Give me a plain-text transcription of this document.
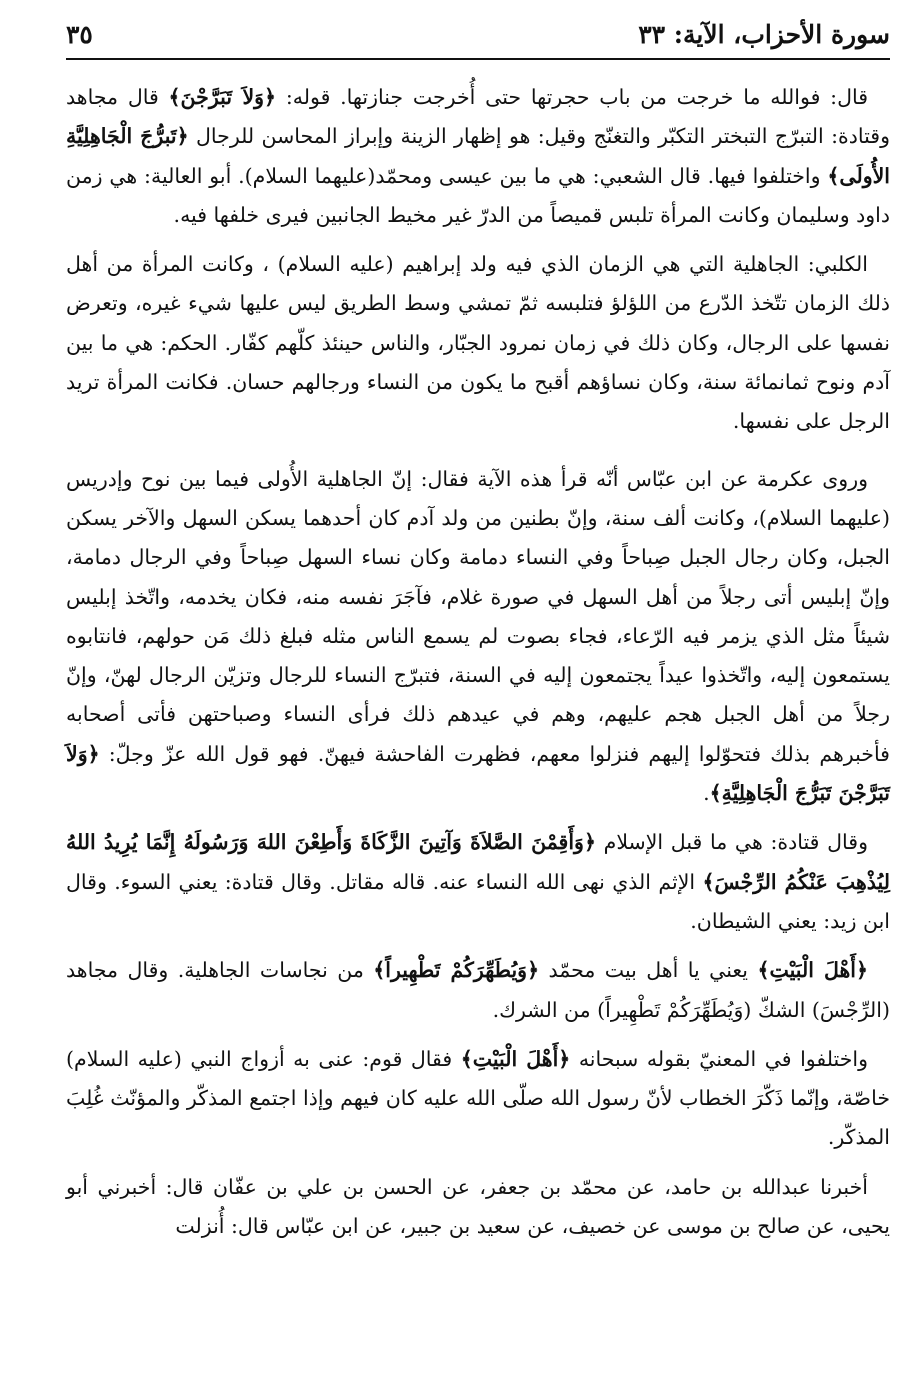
سورة الأحزاب، الآية: ٣٣
٣٥

قال: فوالله ما خرجت من باب حجرتها حتى أُخرجت جنازتها. قوله: ﴿وَلاَ تَبَرَّجْنَ﴾ قال مجاهد وقتادة: التبرّج التبختر التكبّر والتغنّج وقيل: هو إظهار الزينة وإبراز المحاسن للرجال ﴿تَبرُّجَ الْجَاهِلِيَّةِ الأُولَى﴾ واختلفوا فيها. قال الشعبي: هي ما بين عيسى ومحمّد(عليهما السلام). أبو العالية: هي زمن داود وسليمان وكانت المرأة تلبس قميصاً من الدرّ غير مخيط الجانبين فيرى خلفها فيه.

الكلبي: الجاهلية التي هي الزمان الذي فيه ولد إبراهيم (عليه السلام) ، وكانت المرأة من أهل ذلك الزمان تتّخذ الدّرع من اللؤلؤ فتلبسه ثمّ تمشي وسط الطريق ليس عليها شيء غيره، وتعرض نفسها على الرجال، وكان ذلك في زمان نمرود الجبّار، والناس حينئذ كلّهم كفّار. الحكم: هي ما بين آدم ونوح ثمانمائة سنة، وكان نساؤهم أقبح ما يكون من النساء ورجالهم حسان. فكانت المرأة تريد الرجل على نفسها.

وروى عكرمة عن ابن عبّاس أنّه قرأ هذه الآية فقال: إنّ الجاهلية الأُولى فيما بين نوح وإدريس (عليهما السلام)، وكانت ألف سنة، وإنّ بطنين من ولد آدم كان أحدهما يسكن السهل والآخر يسكن الجبل، وكان رجال الجبل صِباحاً وفي النساء دمامة وكان نساء السهل صِباحاً وفي الرجال دمامة، وإنّ إبليس أتى رجلاً من أهل السهل في صورة غلام، فآجَرَ نفسه منه، فكان يخدمه، واتّخذ إبليس شيئاً مثل الذي يزمر فيه الرّعاء، فجاء بصوت لم يسمع الناس مثله فبلغ ذلك مَن حولهم، فانتابوه يستمعون إليه، واتّخذوا عيداً يجتمعون إليه في السنة، فتبرّج النساء للرجال وتزيّن الرجال لهنّ، وإنّ رجلاً من أهل الجبل هجم عليهم، وهم في عيدهم ذلك فرأى النساء وصباحتهن فأتى أصحابه فأخبرهم بذلك فتحوّلوا إليهم فنزلوا معهم، فظهرت الفاحشة فيهنّ. فهو قول الله عزّ وجلّ: ﴿وَلاَ تَبَرَّجْنَ تَبَرُّجَ الْجَاهِلِيَّةِ﴾.

وقال قتادة: هي ما قبل الإسلام ﴿وَأَقِمْنَ الصَّلاَةَ وَآتِينَ الزَّكَاةَ وَأَطِعْنَ اللهَ وَرَسُولَهُ إِنَّمَا يُرِيدُ اللهُ لِيُذْهِبَ عَنْكُمُ الرِّجْسَ﴾ الإثم الذي نهى الله النساء عنه. قاله مقاتل. وقال قتادة: يعني السوء. وقال ابن زيد: يعني الشيطان.

﴿أَهْلَ الْبَيْتِ﴾ يعني يا أهل بيت محمّد ﴿وَيُطَهِّرَكُمْ تَطْهِيراً﴾ من نجاسات الجاهلية. وقال مجاهد (الرِّجْسَ) الشكّ (وَيُطَهِّرَكُمْ تَطْهِيراً) من الشرك.

واختلفوا في المعنيّ بقوله سبحانه ﴿أَهْلَ الْبَيْتِ﴾ فقال قوم: عنى به أزواج النبي (عليه السلام) خاصّة، وإنّما ذَكّرَ الخطاب لأنّ رسول الله صلّى الله عليه كان فيهم وإذا اجتمع المذكّر والمؤنّث غُلِبَ المذكّر.

أخبرنا عبدالله بن حامد، عن محمّد بن جعفر، عن الحسن بن علي بن عفّان قال: أخبرني أبو يحيى، عن صالح بن موسى عن خصيف، عن سعيد بن جبير، عن ابن عبّاس قال: أُنزلت
